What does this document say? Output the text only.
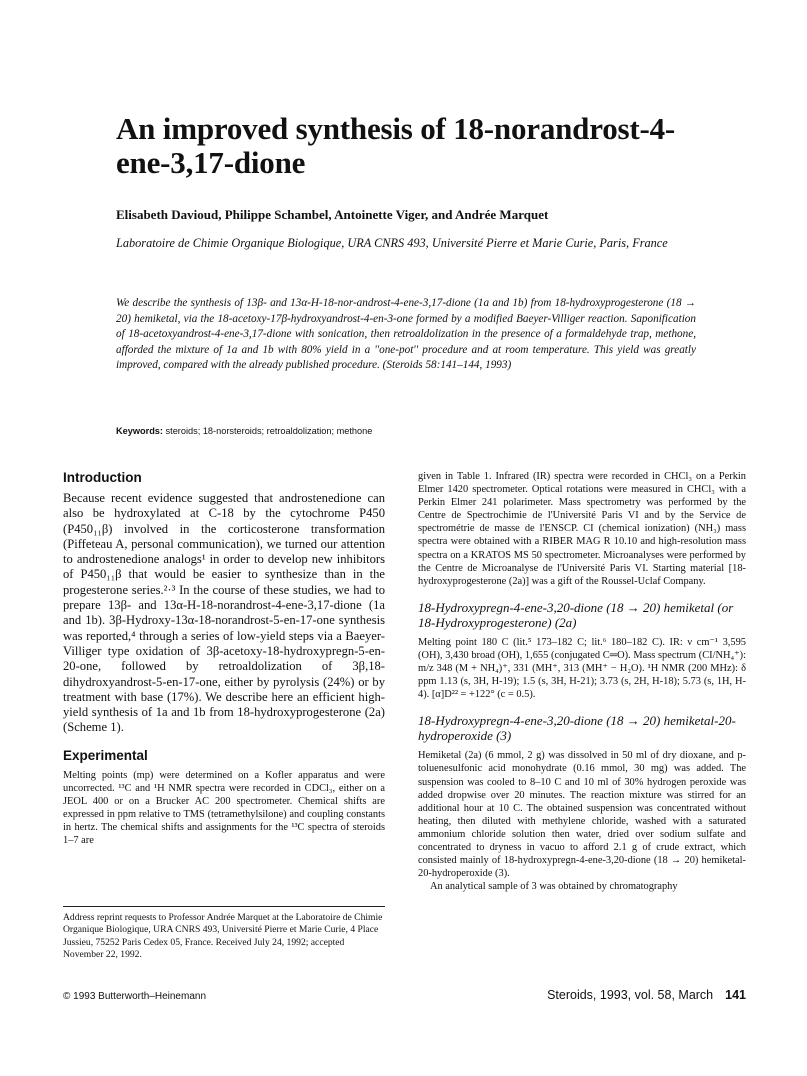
An improved synthesis of 18-norandrost-4-ene-3,17-dione
Elisabeth Davioud, Philippe Schambel, Antoinette Viger, and Andrée Marquet
Laboratoire de Chimie Organique Biologique, URA CNRS 493, Université Pierre et Marie Curie, Paris, France
We describe the synthesis of 13β- and 13α-H-18-nor-androst-4-ene-3,17-dione (1a and 1b) from 18-hydroxyprogesterone (18 → 20) hemiketal, via the 18-acetoxy-17β-hydroxyandrost-4-en-3-one formed by a modified Baeyer-Villiger reaction. Saponification of 18-acetoxyandrost-4-ene-3,17-dione with sonication, then retroaldolization in the presence of a formaldehyde trap, methone, afforded the mixture of 1a and 1b with 80% yield in a ''one-pot'' procedure and at room temperature. This yield was greatly improved, compared with the already published procedure. (Steroids 58:141–144, 1993)
Keywords: steroids; 18-norsteroids; retroaldolization; methone
Introduction

Because recent evidence suggested that androstenedione can also be hydroxylated at C-18 by the cytochrome P450 (P450₁₁β) involved in the corticosterone transformation (Piffeteau A, personal communication), we turned our attention to androstenedione analogs¹ in order to develop new inhibitors of P450₁₁β that would be easier to synthesize than in the progesterone series.²·³ In the course of these studies, we had to prepare 13β- and 13α-H-18-norandrost-4-ene-3,17-dione (1a and 1b). 3β-Hydroxy-13α-18-norandrost-5-en-17-one synthesis was reported,⁴ through a series of low-yield steps via a Baeyer-Villiger type oxidation of 3β-acetoxy-18-hydroxypregn-5-en-20-one, followed by retroaldolization of 3β,18-dihydroxyandrost-5-en-17-one, either by pyrolysis (24%) or by treatment with base (17%). We describe here an efficient high-yield synthesis of 1a and 1b from 18-hydroxyprogesterone (2a) (Scheme 1).

Experimental

Melting points (mp) were determined on a Kofler apparatus and were uncorrected. ¹³C and ¹H NMR spectra were recorded in CDCl₃, either on a JEOL 400 or on a Brucker AC 200 spectrometer. Chemical shifts are expressed in ppm relative to TMS (tetramethylsilone) and coupling constants in hertz. The chemical shifts and assignments for the ¹³C spectra of steroids 1–7 are

Address reprint requests to Professor Andrée Marquet at the Laboratoire de Chimie Organique Biologique, URA CNRS 493, Université Pierre et Marie Curie, 4 Place Jussieu, 75252 Paris Cedex 05, France. Received July 24, 1992; accepted November 22, 1992.

given in Table 1. Infrared (IR) spectra were recorded in CHCl₃ on a Perkin Elmer 1420 spectrometer. Optical rotations were measured in CHCl₃ with a Perkin Elmer 241 polarimeter. Mass spectrometry was performed by the Centre de Spectrochimie de l'Université Paris VI and by the Service de spectrométrie de masse de l'ENSCP. CI (chemical ionization) (NH₃) mass spectra were obtained with a RIBER MAG R 10.10 and high-resolution mass spectra on a KRATOS MS 50 spectrometer. Microanalyses were performed by the Centre de Microanalyse de l'Université Paris VI. Starting material [18-hydroxyprogesterone (2a)] was a gift of the Roussel-Uclaf Company.

18-Hydroxypregn-4-ene-3,20-dione (18 → 20) hemiketal (or 18-Hydroxyprogesterone) (2a)

Melting point 180 C (lit.⁵ 173–182 C; lit.⁶ 180–182 C). IR: ν cm⁻¹ 3,595 (OH), 3,430 broad (OH), 1,655 (conjugated C═O). Mass spectrum (CI/NH₄⁺): m/z 348 (M + NH₄)⁺, 331 (MH⁺, 313 (MH⁺ − H₂O). ¹H NMR (200 MHz): δ ppm 1.13 (s, 3H, H-19); 1.5 (s, 3H, H-21); 3.73 (s, 2H, H-18); 5.73 (s, 1H, H-4). [α]D²² = +122° (c = 0.5).

18-Hydroxypregn-4-ene-3,20-dione (18 → 20) hemiketal-20-hydroperoxide (3)

Hemiketal (2a) (6 mmol, 2 g) was dissolved in 50 ml of dry dioxane, and p-toluenesulfonic acid monohydrate (0.16 mmol, 30 mg) was added. The suspension was cooled to 8–10 C and 10 ml of 30% hydrogen peroxide was added dropwise over 20 minutes. The reaction mixture was stirred for an additional hour at 10 C. The obtained suspension was concentrated without heating, then diluted with methylene chloride, washed with a saturated ammonium chloride solution then water, dried over sodium sulfate and concentrated to dryness in vacuo to afford 2.1 g of crude extract, which consisted mainly of 18-hydroxypregn-4-ene-3,20-dione (18 → 20) hemiketal-20-hydroperoxide (3).

An analytical sample of 3 was obtained by chromatography

© 1993 Butterworth–Heinemann	Steroids, 1993, vol. 58, March 141
